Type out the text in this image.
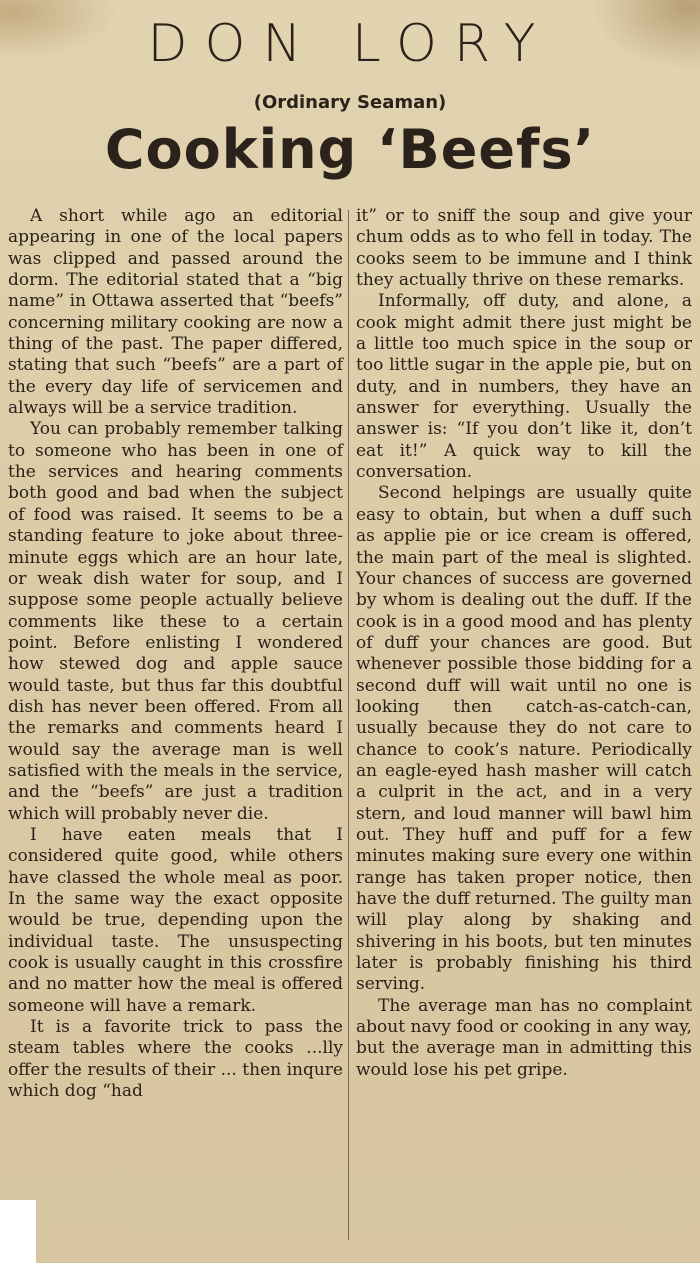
DON LORY
(Ordinary Seaman)
Cooking ‘Beefs’

A short while ago an editorial appearing in one of the local papers was clipped and passed around the dorm. The editorial stated that a “big name” in Ottawa asserted that “beefs” concerning military cooking are now a thing of the past. The paper differed, stating that such “beefs” are a part of the every day life of servicemen and always will be a service tradition.

You can probably remember talking to someone who has been in one of the services and hearing comments both good and bad when the subject of food was raised. It seems to be a standing feature to joke about three-minute eggs which are an hour late, or weak dish water for soup, and I suppose some people actually believe comments like these to a certain point. Before enlisting I wondered how stewed dog and apple sauce would taste, but thus far this doubtful dish has never been offered. From all the remarks and comments heard I would say the average man is well satisfied with the meals in the service, and the “beefs” are just a tradition which will probably never die.

I have eaten meals that I considered quite good, while others have classed the whole meal as poor. In the same way the exact opposite would be true, depending upon the individual taste. The unsuspecting cook is usually caught in this crossfire and no matter how the meal is offered someone will have a remark.

It is a favorite trick to pass the steam tables where the cooks ...lly offer the results of their ... then inqure which dog “had

it” or to sniff the soup and give your chum odds as to who fell in today. The cooks seem to be immune and I think they actually thrive on these remarks.

Informally, off duty, and alone, a cook might admit there just might be a little too much spice in the soup or too little sugar in the apple pie, but on duty, and in numbers, they have an answer for everything. Usually the answer is: “If you don’t like it, don’t eat it!” A quick way to kill the conversation.

Second helpings are usually quite easy to obtain, but when a duff such as applie pie or ice cream is offered, the main part of the meal is slighted. Your chances of success are governed by whom is dealing out the duff. If the cook is in a good mood and has plenty of duff your chances are good. But whenever possible those bidding for a second duff will wait until no one is looking then catch-as-catch-can, usually because they do not care to chance to cook’s nature. Periodically an eagle-eyed hash masher will catch a culprit in the act, and in a very stern, and loud manner will bawl him out. They huff and puff for a few minutes making sure every one within range has taken proper notice, then have the duff returned. The guilty man will play along by shaking and shivering in his boots, but ten minutes later is probably finishing his third serving.

The average man has no complaint about navy food or cooking in any way, but the average man in admitting this would lose his pet gripe.
